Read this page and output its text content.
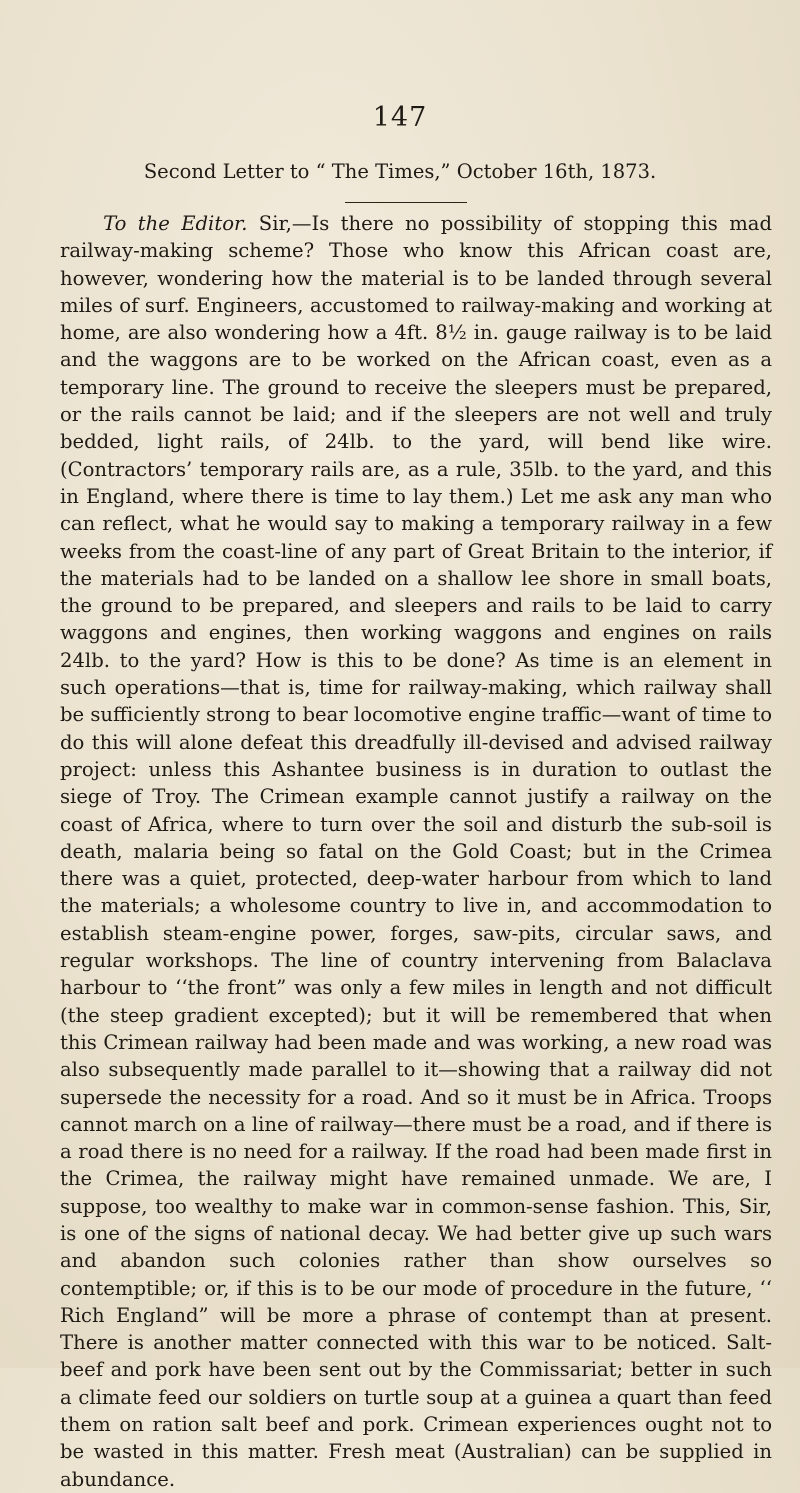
147
Second Letter to “ The Times,” October 16th, 1873.

To the Editor. Sir,—Is there no possibility of stopping this mad railway-making scheme? Those who know this African coast are, however, wondering how the material is to be landed through several miles of surf. Engineers, accustomed to railway-making and working at home, are also wondering how a 4ft. 8½ in. gauge railway is to be laid and the waggons are to be worked on the African coast, even as a temporary line. The ground to receive the sleepers must be prepared, or the rails cannot be laid; and if the sleepers are not well and truly bedded, light rails, of 24lb. to the yard, will bend like wire. (Contractors’ temporary rails are, as a rule, 35lb. to the yard, and this in England, where there is time to lay them.) Let me ask any man who can reflect, what he would say to making a temporary railway in a few weeks from the coast-line of any part of Great Britain to the interior, if the materials had to be landed on a shallow lee shore in small boats, the ground to be prepared, and sleepers and rails to be laid to carry waggons and engines, then working waggons and engines on rails 24lb. to the yard? How is this to be done? As time is an element in such operations—that is, time for railway-making, which railway shall be sufficiently strong to bear locomotive engine traffic—want of time to do this will alone defeat this dreadfully ill-devised and advised railway project: unless this Ashantee business is in duration to outlast the siege of Troy. The Crimean example cannot justify a railway on the coast of Africa, where to turn over the soil and disturb the sub-soil is death, malaria being so fatal on the Gold Coast; but in the Crimea there was a quiet, protected, deep-water harbour from which to land the materials; a wholesome country to live in, and accommodation to establish steam-engine power, forges, saw-pits, circular saws, and regular workshops. The line of country intervening from Balaclava harbour to ‘‘the front” was only a few miles in length and not difficult (the steep gradient excepted); but it will be remembered that when this Crimean railway had been made and was working, a new road was also subsequently made parallel to it—showing that a railway did not supersede the necessity for a road. And so it must be in Africa. Troops cannot march on a line of railway—there must be a road, and if there is a road there is no need for a railway. If the road had been made first in the Crimea, the railway might have remained unmade. We are, I suppose, too wealthy to make war in common-sense fashion. This, Sir, is one of the signs of national decay. We had better give up such wars and abandon such colonies rather than show ourselves so contemptible; or, if this is to be our mode of procedure in the future, ‘‘ Rich England” will be more a phrase of contempt than at present. There is another matter connected with this war to be noticed. Salt-beef and pork have been sent out by the Commissariat; better in such a climate feed our soldiers on turtle soup at a guinea a quart than feed them on ration salt beef and pork. Crimean experiences ought not to be wasted in this matter. Fresh meat (Australian) can be supplied in abundance.
